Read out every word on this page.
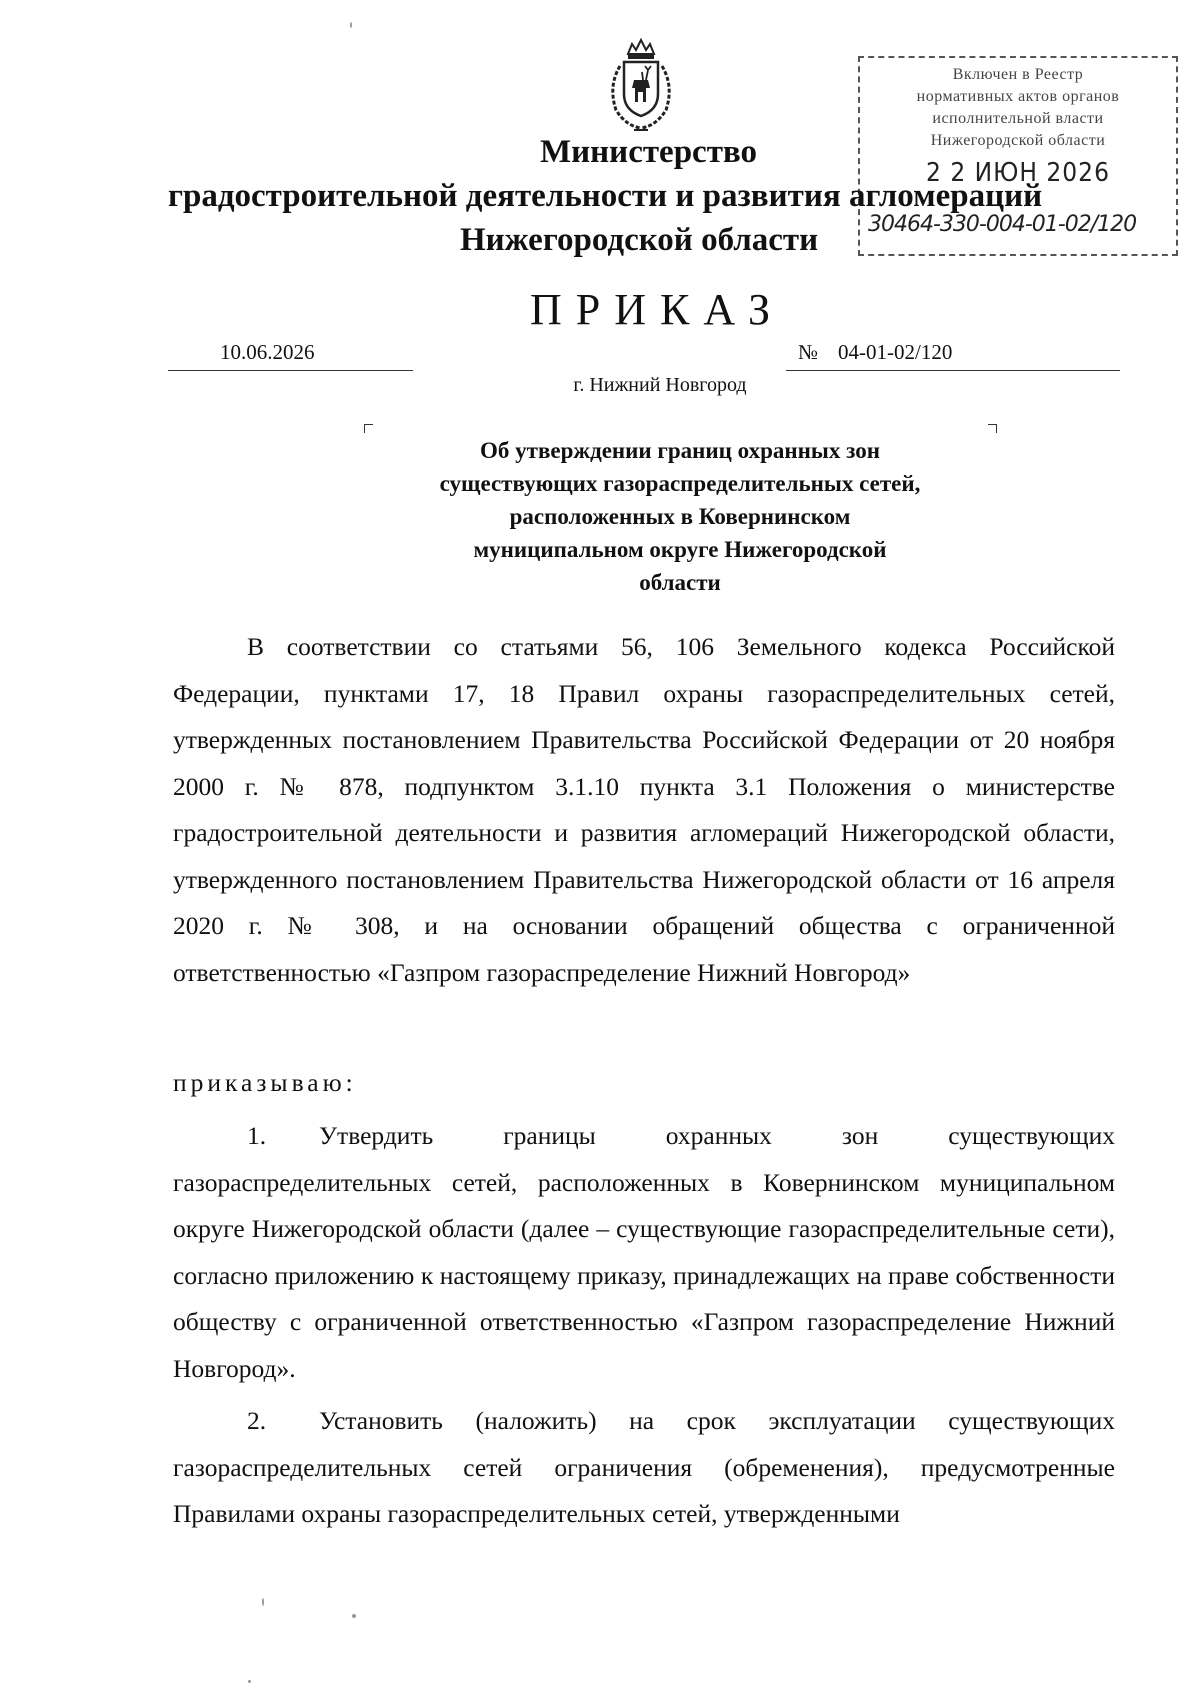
Включен в Реестр
нормативных актов органов
исполнительной власти
Нижегородской области
2 2 ИЮН 2026
30464-330-004-01-02/120
Министерство
градостроительной деятельности и развития агломераций
Нижегородской области
ПРИКАЗ
10.06.2026	№ 04-01-02/120
г. Нижний Новгород
Об утверждении границ охранных зон
существующих газораспределительных сетей,
расположенных в Ковернинском
муниципальном округе Нижегородской
области
В соответствии со статьями 56, 106 Земельного кодекса Российской Федерации, пунктами 17, 18 Правил охраны газораспределительных сетей, утвержденных постановлением Правительства Российской Федерации от 20 ноября 2000 г. № 878, подпунктом 3.1.10 пункта 3.1 Положения о министерстве градостроительной деятельности и развития агломераций Нижегородской области, утвержденного постановлением Правительства Нижегородской области от 16 апреля 2020 г. № 308, и на основании обращений общества с ограниченной ответственностью «Газпром газораспределение Нижний Новгород»
приказываю:
1. Утвердить границы охранных зон существующих газораспределительных сетей, расположенных в Ковернинском муниципальном округе Нижегородской области (далее – существующие газораспределительные сети), согласно приложению к настоящему приказу, принадлежащих на праве собственности обществу с ограниченной ответственностью «Газпром газораспределение Нижний Новгород».
2. Установить (наложить) на срок эксплуатации существующих газораспределительных сетей ограничения (обременения), предусмотренные Правилами охраны газораспределительных сетей, утвержденными
